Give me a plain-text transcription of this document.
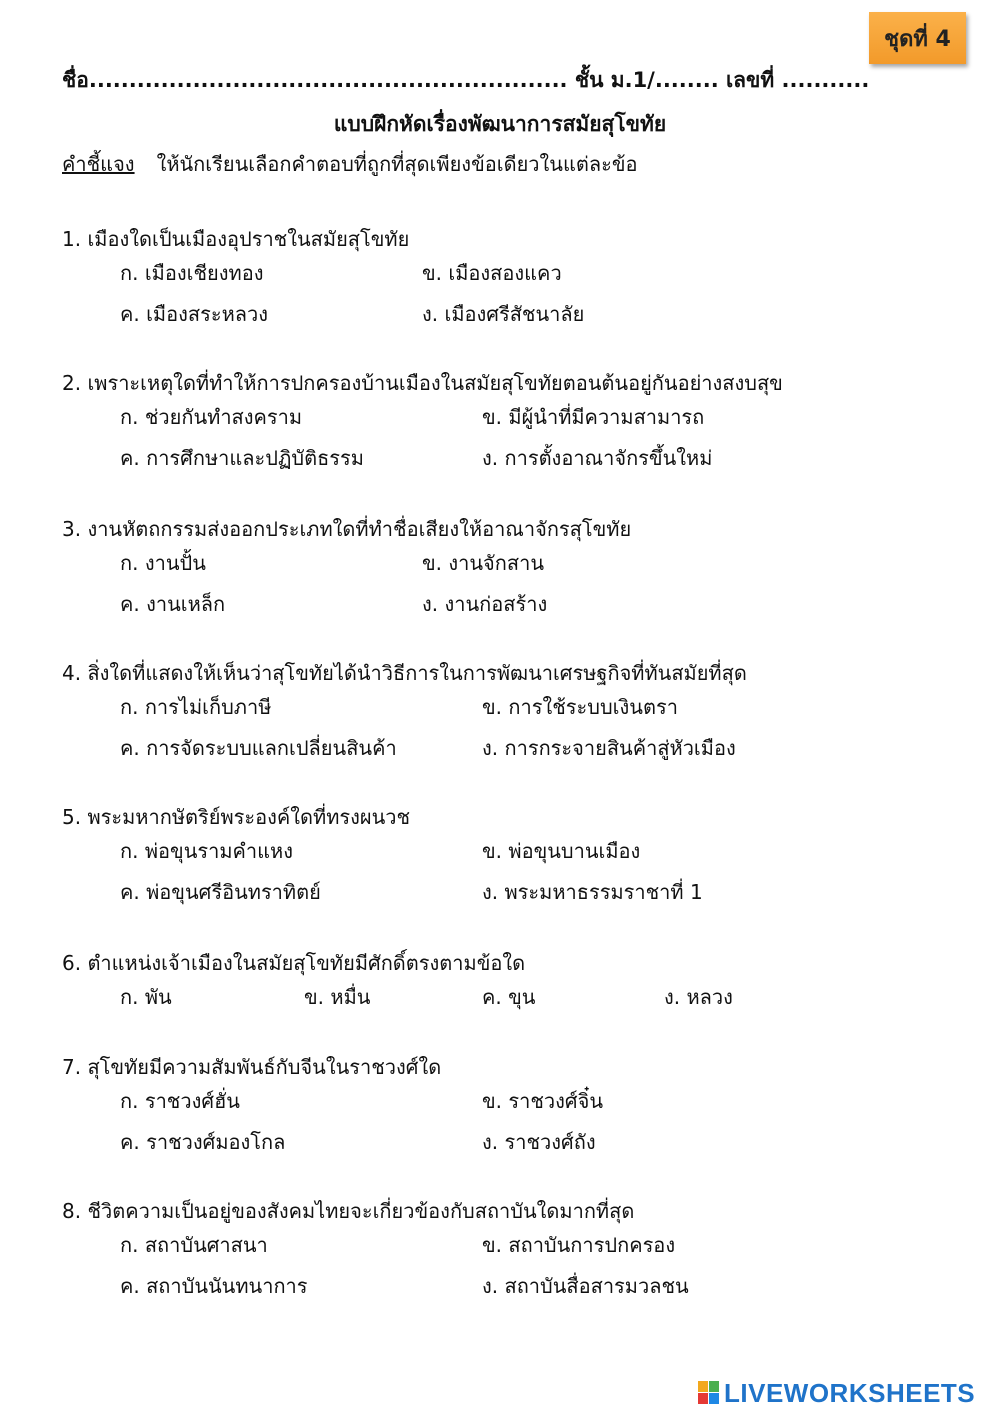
ชุดที่ 4
ชื่อ............................................................ ชั้น ม.1/........ เลขที่ ...........
แบบฝึกหัดเรื่องพัฒนาการสมัยสุโขทัย
คำชี้แจง ให้นักเรียนเลือกคำตอบที่ถูกที่สุดเพียงข้อเดียวในแต่ละข้อ
1. เมืองใดเป็นเมืองอุปราชในสมัยสุโขทัย
ก. เมืองเชียงทอง	ข. เมืองสองแคว
ค. เมืองสระหลวง	ง. เมืองศรีสัชนาลัย
2. เพราะเหตุใดที่ทำให้การปกครองบ้านเมืองในสมัยสุโขทัยตอนต้นอยู่กันอย่างสงบสุข
ก. ช่วยกันทำสงคราม	ข. มีผู้นำที่มีความสามารถ
ค. การศึกษาและปฏิบัติธรรม	ง. การตั้งอาณาจักรขึ้นใหม่
3. งานหัตถกรรมส่งออกประเภทใดที่ทำชื่อเสียงให้อาณาจักรสุโขทัย
ก. งานปั้น	ข. งานจักสาน
ค. งานเหล็ก	ง. งานก่อสร้าง
4. สิ่งใดที่แสดงให้เห็นว่าสุโขทัยได้นำวิธีการในการพัฒนาเศรษฐกิจที่ทันสมัยที่สุด
ก. การไม่เก็บภาษี	ข. การใช้ระบบเงินตรา
ค. การจัดระบบแลกเปลี่ยนสินค้า	ง. การกระจายสินค้าสู่หัวเมือง
5. พระมหากษัตริย์พระองค์ใดที่ทรงผนวช
ก. พ่อขุนรามคำแหง	ข. พ่อขุนบานเมือง
ค. พ่อขุนศรีอินทราทิตย์	ง. พระมหาธรรมราชาที่ 1
6. ตำแหน่งเจ้าเมืองในสมัยสุโขทัยมีศักดิ์ตรงตามข้อใด
ก. พัน	ข. หมื่น	ค. ขุน	ง. หลวง
7. สุโขทัยมีความสัมพันธ์กับจีนในราชวงศ์ใด
ก. ราชวงศ์ฮั่น	ข. ราชวงศ์จิ๋น
ค. ราชวงศ์มองโกล	ง. ราชวงศ์ถัง
8. ชีวิตความเป็นอยู่ของสังคมไทยจะเกี่ยวข้องกับสถาบันใดมากที่สุด
ก. สถาบันศาสนา	ข. สถาบันการปกครอง
ค. สถาบันนันทนาการ	ง. สถาบันสื่อสารมวลชน
LIVEWORKSHEETS
